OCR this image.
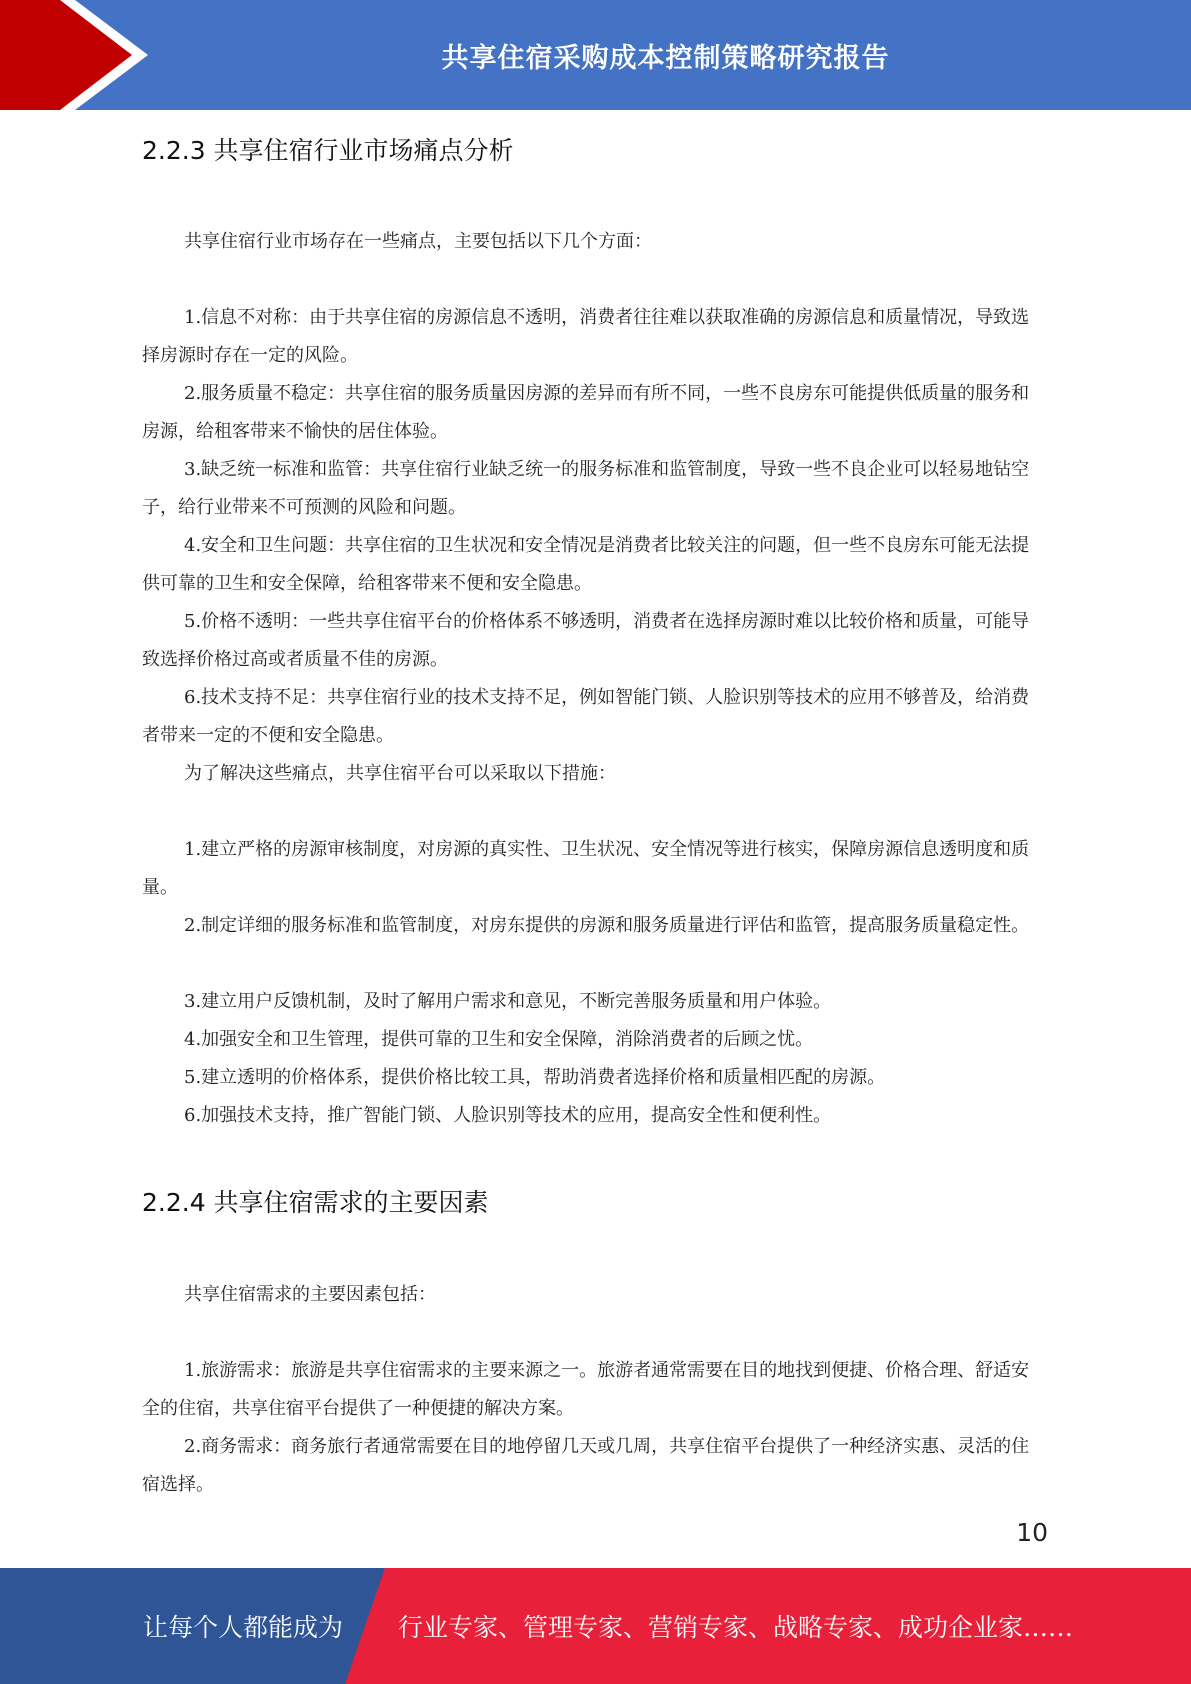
共享住宿采购成本控制策略研究报告
2.2.3 共享住宿行业市场痛点分析

共享住宿行业市场存在一些痛点，主要包括以下几个方面：

1.信息不对称：由于共享住宿的房源信息不透明，消费者往往难以获取准确的房源信息和质量情况，导致选择房源时存在一定的风险。

2.服务质量不稳定：共享住宿的服务质量因房源的差异而有所不同，一些不良房东可能提供低质量的服务和房源，给租客带来不愉快的居住体验。

3.缺乏统一标准和监管：共享住宿行业缺乏统一的服务标准和监管制度，导致一些不良企业可以轻易地钻空子，给行业带来不可预测的风险和问题。

4.安全和卫生问题：共享住宿的卫生状况和安全情况是消费者比较关注的问题，但一些不良房东可能无法提供可靠的卫生和安全保障，给租客带来不便和安全隐患。

5.价格不透明：一些共享住宿平台的价格体系不够透明，消费者在选择房源时难以比较价格和质量，可能导致选择价格过高或者质量不佳的房源。

6.技术支持不足：共享住宿行业的技术支持不足，例如智能门锁、人脸识别等技术的应用不够普及，给消费者带来一定的不便和安全隐患。

为了解决这些痛点，共享住宿平台可以采取以下措施：

1.建立严格的房源审核制度，对房源的真实性、卫生状况、安全情况等进行核实，保障房源信息透明度和质量。

2.制定详细的服务标准和监管制度，对房东提供的房源和服务质量进行评估和监管，提高服务质量稳定性。

3.建立用户反馈机制，及时了解用户需求和意见，不断完善服务质量和用户体验。

4.加强安全和卫生管理，提供可靠的卫生和安全保障，消除消费者的后顾之忧。

5.建立透明的价格体系，提供价格比较工具，帮助消费者选择价格和质量相匹配的房源。

6.加强技术支持，推广智能门锁、人脸识别等技术的应用，提高安全性和便利性。

2.2.4 共享住宿需求的主要因素

共享住宿需求的主要因素包括：

1.旅游需求：旅游是共享住宿需求的主要来源之一。旅游者通常需要在目的地找到便捷、价格合理、舒适安全的住宿，共享住宿平台提供了一种便捷的解决方案。

2.商务需求：商务旅行者通常需要在目的地停留几天或几周，共享住宿平台提供了一种经济实惠、灵活的住宿选择。

10
让每个人都能成为 行业专家、管理专家、营销专家、战略专家、成功企业家……
